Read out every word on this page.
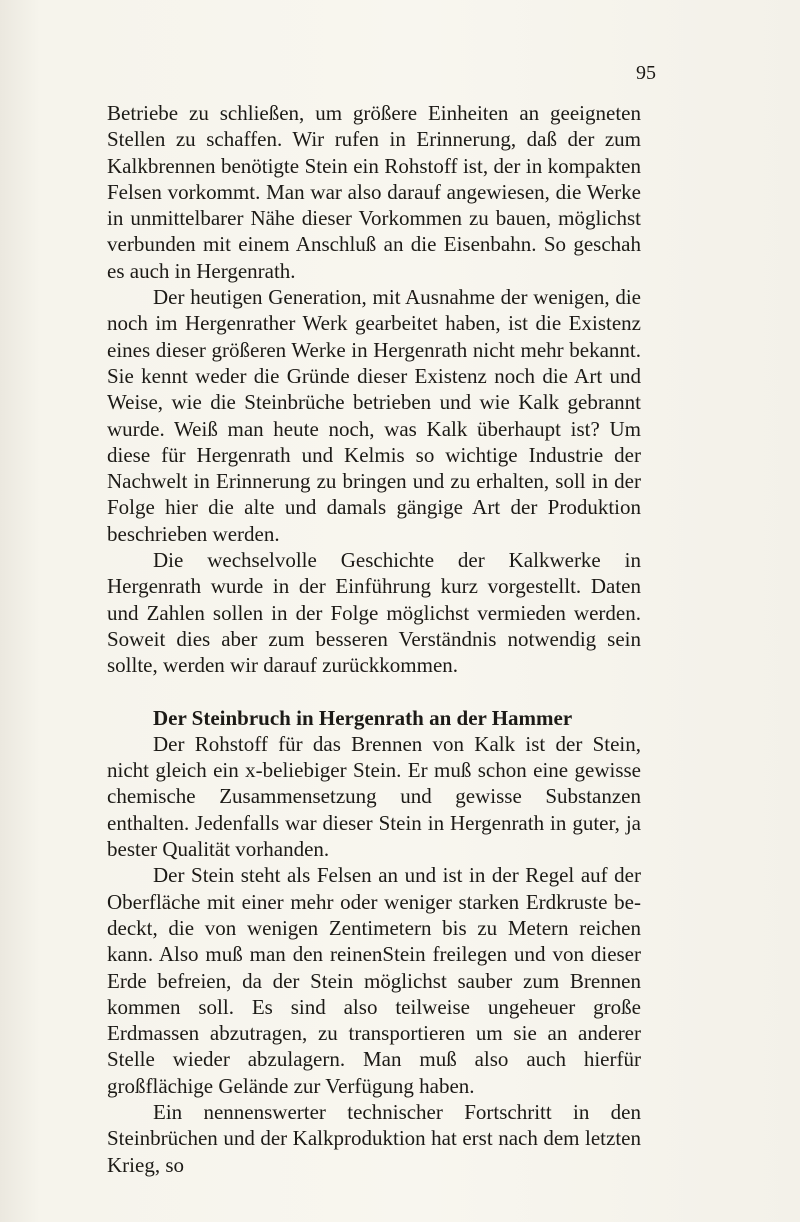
95

Betriebe zu schließen, um größere Einheiten an geeigneten Stellen zu schaffen. Wir rufen in Erinnerung, daß der zum Kalkbrennen benötigte Stein ein Rohstoff ist, der in kompakten Felsen vorkommt. Man war also darauf angewiesen, die Werke in unmittelbarer Nähe dieser Vorkommen zu bauen, möglichst verbunden mit einem Anschluß an die Eisenbahn. So geschah es auch in Hergenrath.

Der heutigen Generation, mit Ausnahme der wenigen, die noch im Hergenrather Werk gearbeitet haben, ist die Existenz eines dieser größeren Werke in Hergenrath nicht mehr bekannt. Sie kennt weder die Gründe dieser Existenz noch die Art und Weise, wie die Steinbrüche betrieben und wie Kalk gebrannt wurde. Weiß man heute noch, was Kalk überhaupt ist? Um diese für Hergenrath und Kelmis so wichtige Industrie der Nachwelt in Erinnerung zu bringen und zu erhalten, soll in der Folge hier die alte und damals gängige Art der Produktion beschrieben werden.

Die wechselvolle Geschichte der Kalkwerke in Hergenrath wurde in der Einführung kurz vorgestellt. Daten und Zahlen sollen in der Folge möglichst vermieden werden. Soweit dies aber zum besseren Verständnis notwendig sein sollte, werden wir darauf zurückkommen.

Der Steinbruch in Hergenrath an der Hammer

Der Rohstoff für das Brennen von Kalk ist der Stein, nicht gleich ein x-beliebiger Stein. Er muß schon eine gewisse chemische Zusammensetzung und gewisse Substanzen enthalten. Jedenfalls war dieser Stein in Hergenrath in guter, ja bester Qualität vorhanden.

Der Stein steht als Felsen an und ist in der Regel auf der Oberfläche mit einer mehr oder weniger starken Erdkruste bedeckt, die von wenigen Zentimetern bis zu Metern reichen kann. Also muß man den reinenStein freilegen und von dieser Erde befreien, da der Stein möglichst sauber zum Brennen kommen soll. Es sind also teilweise ungeheuer große Erdmassen abzutragen, zu transportieren um sie an anderer Stelle wieder abzulagern. Man muß also auch hierfür großflächige Gelände zur Verfügung haben.

Ein nennenswerter technischer Fortschritt in den Steinbrüchen und der Kalkproduktion hat erst nach dem letzten Krieg, so
